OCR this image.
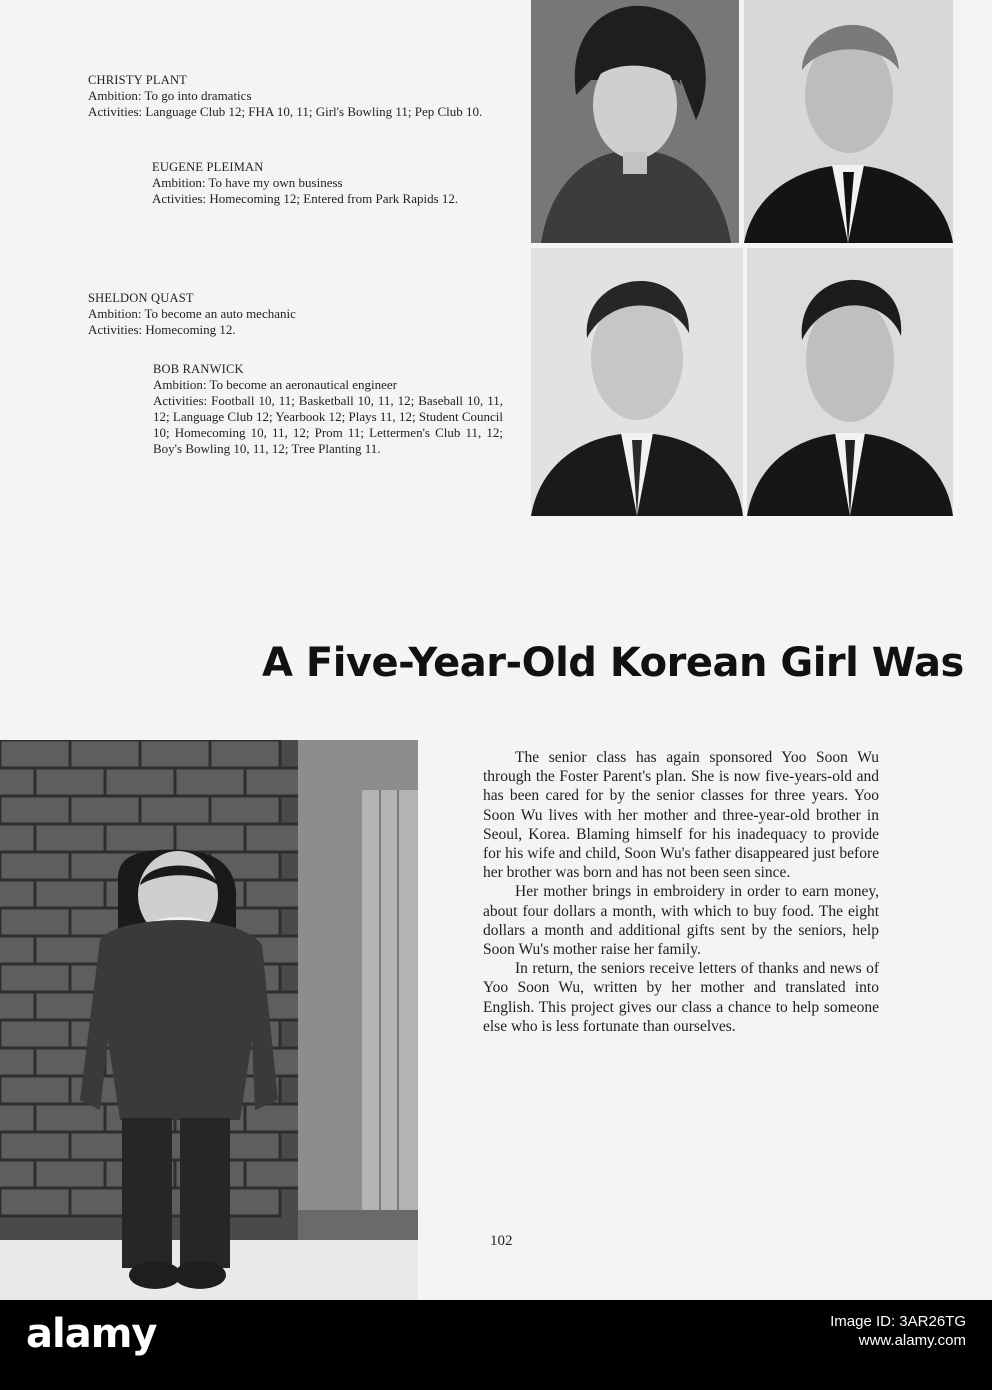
CHRISTY PLANT

Ambition: To go into dramatics

Activities: Language Club 12; FHA 10, 11; Girl's Bowling 11; Pep Club 10.

EUGENE PLEIMAN

Ambition: To have my own business

Activities: Homecoming 12; Entered from Park Rapids 12.

SHELDON QUAST

Ambition: To become an auto mechanic

Activities: Homecoming 12.

BOB RANWICK

Ambition: To become an aeronautical engineer

Activities: Football 10, 11; Basketball 10, 11, 12; Baseball 10, 11, 12; Language Club 12; Yearbook 12; Plays 11, 12; Student Council 10; Homecoming 10, 11, 12; Prom 11; Lettermen's Club 11, 12; Boy's Bowling 10, 11, 12; Tree Planting 11.

A Five-Year-Old Korean Girl Was

The senior class has again sponsored Yoo Soon Wu through the Foster Parent's plan. She is now five-years-old and has been cared for by the senior classes for three years. Yoo Soon Wu lives with her mother and three-year-old brother in Seoul, Korea. Blaming himself for his inadequacy to provide for his wife and child, Soon Wu's father disappeared just before her brother was born and has not been seen since.

Her mother brings in embroidery in order to earn money, about four dollars a month, with which to buy food. The eight dollars a month and additional gifts sent by the seniors, help Soon Wu's mother raise her family.

In return, the seniors receive letters of thanks and news of Yoo Soon Wu, written by her mother and translated into English. This project gives our class a chance to help someone else who is less fortunate than ourselves.

102
alamy	Image ID: 3AR26TG
www.alamy.com
